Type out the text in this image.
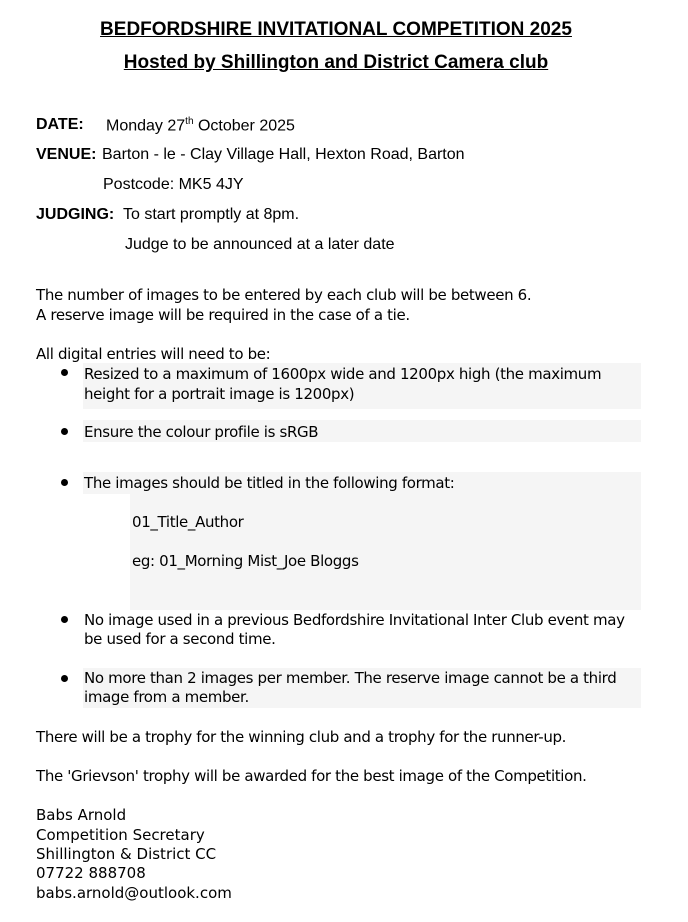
BEDFORDSHIRE INVITATIONAL COMPETITION 2025
Hosted by Shillington and District Camera club
DATE: Monday 27th October 2025
VENUE: Barton - le - Clay Village Hall, Hexton Road, Barton
Postcode: MK5 4JY
JUDGING: To start promptly at 8pm.
Judge to be announced at a later date
The number of images to be entered by each club will be between 6.
A reserve image will be required in the case of a tie.
All digital entries will need to be:
Resized to a maximum of 1600px wide and 1200px high (the maximum height for a portrait image is 1200px)
Ensure the colour profile is sRGB
The images should be titled in the following format:
01_Title_Author
eg: 01_Morning Mist_Joe Bloggs
No image used in a previous Bedfordshire Invitational Inter Club event may be used for a second time.
No more than 2 images per member. The reserve image cannot be a third image from a member.
There will be a trophy for the winning club and a trophy for the runner-up.
The 'Grievson' trophy will be awarded for the best image of the Competition.
Babs Arnold
Competition Secretary
Shillington & District CC
07722 888708
babs.arnold@outlook.com
